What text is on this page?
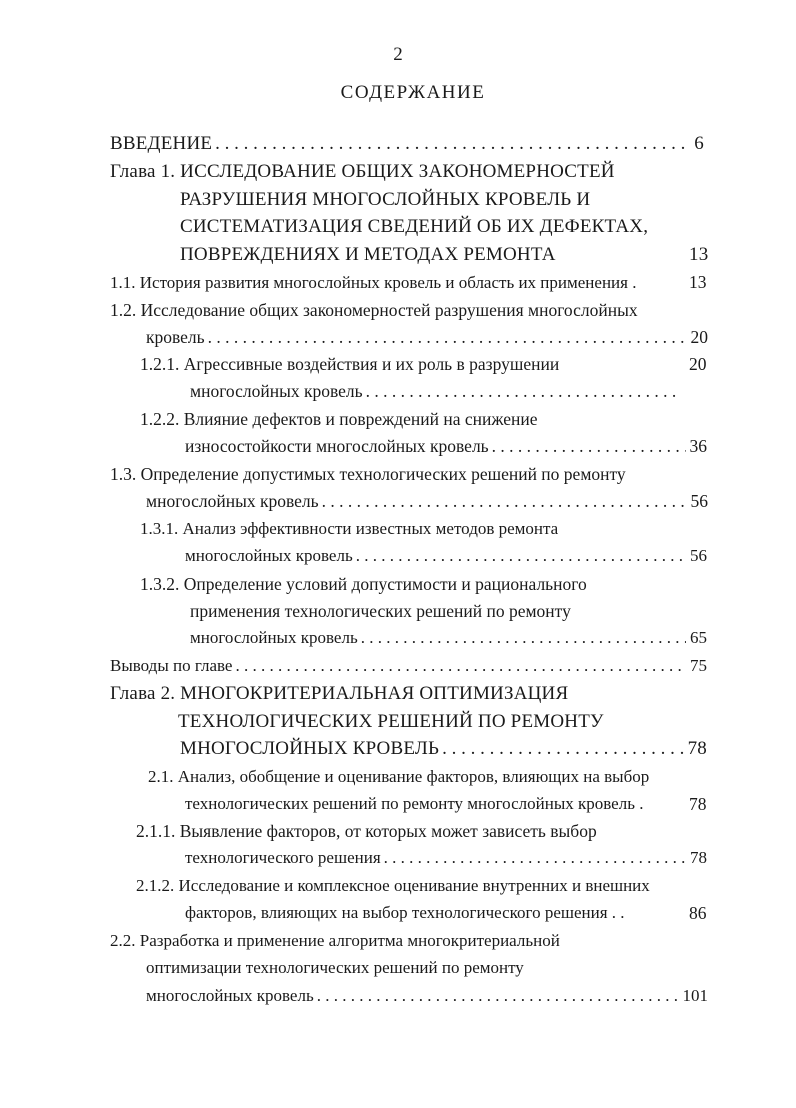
2
СОДЕРЖАНИЕ
ВВЕДЕНИЕ . . .	6
Глава 1. ИССЛЕДОВАНИЕ ОБЩИХ ЗАКОНОМЕРНОСТЕЙ
РАЗРУШЕНИЯ МНОГОСЛОЙНЫХ КРОВЕЛЬ И
СИСТЕМАТИЗАЦИЯ СВЕДЕНИЙ ОБ ИХ ДЕФЕКТАХ,
ПОВРЕЖДЕНИЯХ И МЕТОДАХ РЕМОНТА	13
1.1. История развития многослойных кровель и область их применения .	13
1.2. Исследование общих закономерностей разрушения многослойных
кровель . . .	20
1.2.1. Агрессивные воздействия и их роль в разрушении	20
многослойных кровель
. . .
1.2.2. Влияние дефектов и повреждений на снижение
износостойкости многослойных кровель . . .	36
1.3. Определение допустимых технологических решений по ремонту
многослойных кровель . . .	56
1.3.1. Анализ эффективности известных методов ремонта
многослойных кровель . . .	56
1.3.2. Определение условий допустимости и рационального
применения технологических решений по ремонту
многослойных кровель . . .	65
Выводы по главе . . .	75
Глава 2. МНОГОКРИТЕРИАЛЬНАЯ ОПТИМИЗАЦИЯ
ТЕХНОЛОГИЧЕСКИХ РЕШЕНИЙ ПО РЕМОНТУ
МНОГОСЛОЙНЫХ КРОВЕЛЬ . . .	78
2.1. Анализ, обобщение и оценивание факторов, влияющих на выбор
технологических решений по ремонту многослойных кровель .	78
2.1.1. Выявление факторов, от которых может зависеть выбор
технологического решения . . .	78
2.1.2. Исследование и комплексное оценивание внутренних и внешних
факторов, влияющих на выбор технологического решения . .	86
2.2. Разработка и применение алгоритма многокритериальной
оптимизации технологических решений по ремонту
многослойных кровель . . .	101
